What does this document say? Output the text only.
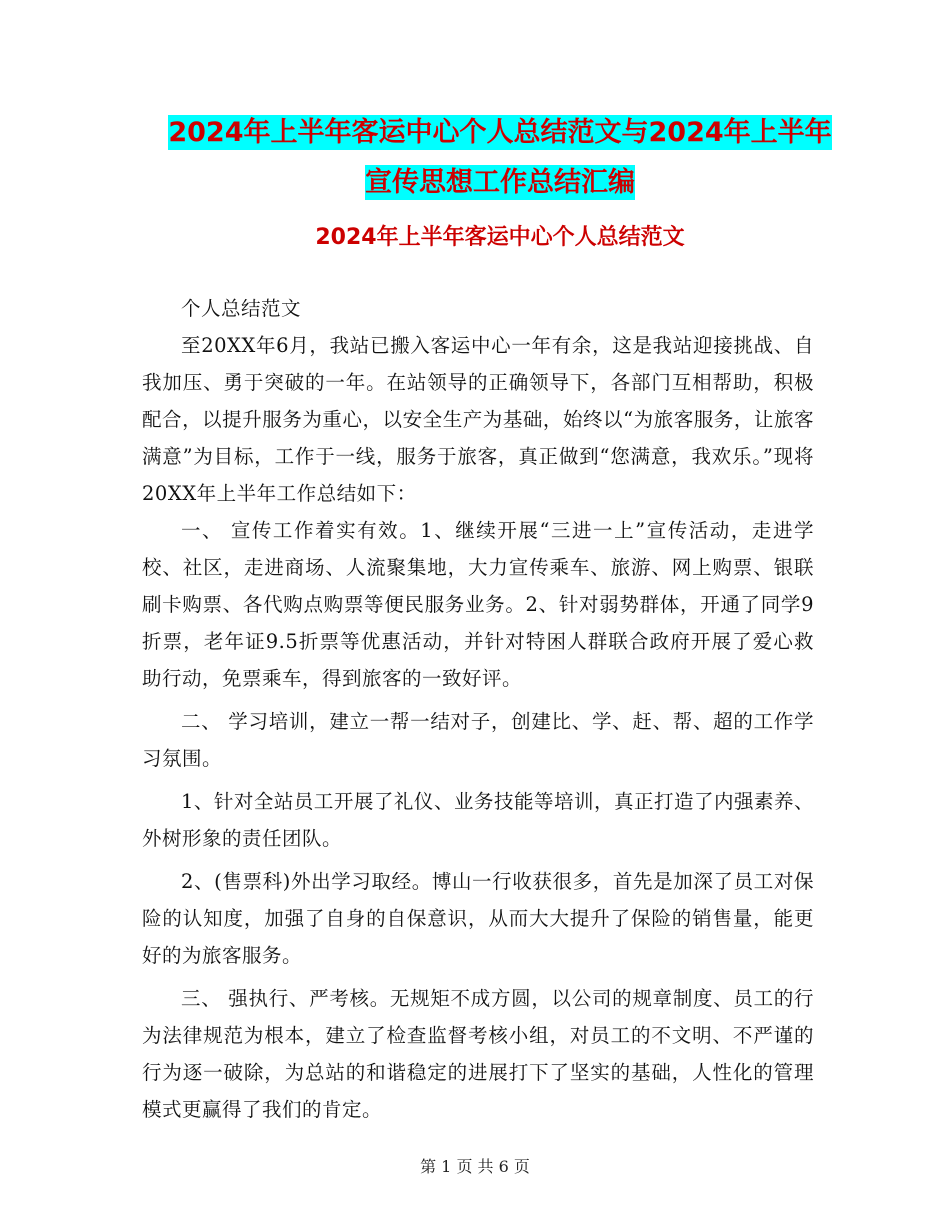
2024年上半年客运中心个人总结范文与2024年上半年
宣传思想工作总结汇编
2024年上半年客运中心个人总结范文

个人总结范文

至20XX年6月，我站已搬入客运中心一年有余，这是我站迎接挑战、自我加压、勇于突破的一年。在站领导的正确领导下，各部门互相帮助，积极配合，以提升服务为重心，以安全生产为基础，始终以“为旅客服务，让旅客满意”为目标，工作于一线，服务于旅客，真正做到“您满意，我欢乐。”现将20XX年上半年工作总结如下：

一、 宣传工作着实有效。1、继续开展“三进一上”宣传活动，走进学校、社区，走进商场、人流聚集地，大力宣传乘车、旅游、网上购票、银联刷卡购票、各代购点购票等便民服务业务。2、针对弱势群体，开通了同学9折票，老年证9.5折票等优惠活动，并针对特困人群联合政府开展了爱心救助行动，免票乘车，得到旅客的一致好评。

二、 学习培训，建立一帮一结对子，创建比、学、赶、帮、超的工作学习氛围。

1、针对全站员工开展了礼仪、业务技能等培训，真正打造了内强素养、外树形象的责任团队。

2、(售票科)外出学习取经。博山一行收获很多，首先是加深了员工对保险的认知度，加强了自身的自保意识，从而大大提升了保险的销售量，能更好的为旅客服务。

三、 强执行、严考核。无规矩不成方圆，以公司的规章制度、员工的行为法律规范为根本，建立了检查监督考核小组，对员工的不文明、不严谨的行为逐一破除，为总站的和谐稳定的进展打下了坚实的基础，人性化的管理模式更赢得了我们的肯定。

第 1 页 共 6 页
